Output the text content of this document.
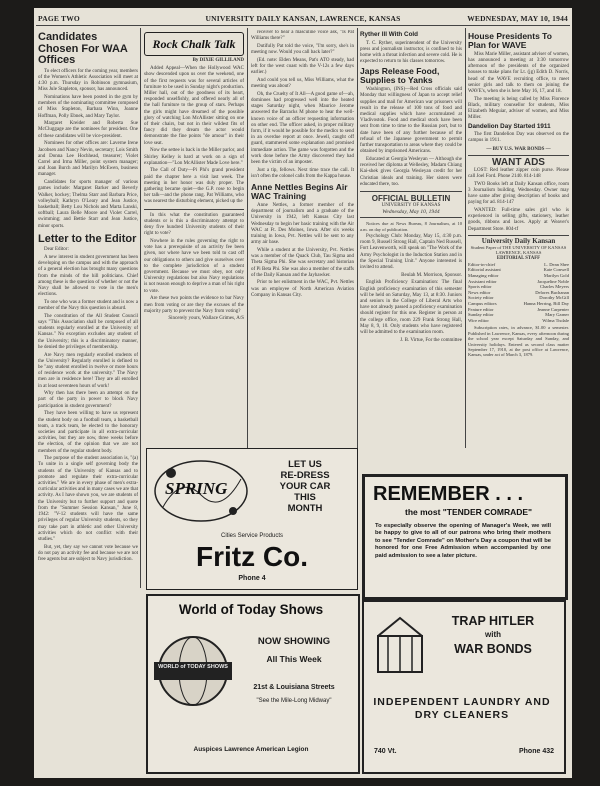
PAGE TWO	UNIVERSITY DAILY KANSAN, LAWRENCE, KANSAS	WEDNESDAY, MAY 10, 1944
Candidates Chosen For WAA Offices

To elect officers for the coming year, members of the Women's Athletic Association will meet at 4:30 p.m. Thursday in Robinson gymnasium, Miss Jule Stapleton, sponsor, has announced.

Nominations have been posted in the gym by members of the nominating committee composed of Miss Stapleton, Barbara Winn, Joanne Hoffman, Polly Ebnek, and Mary Taylor.

Margaret Kreider and Roberta Sue McCluggage are the nominees for president. One of these candidates will be vice-president.

Nominees for other offices are: Laverne Irene Jacobsen and Nancy Nevin, secretary; Lois Smith and Donna Lee Hochhead, treasurer; Violet Carrel and Irma Miller, point system manager; and Joan Burch and Marilyn McEwen, business manager.

Candidates for sports manager of various games include: Margaret Barker and Beverly Walker, hockey; Thelma Starr and Barbara Price, volleyball; Kathryn O'Leary and Jean Justice, basketball; Betty Lou Nichols and Marta Lanski, softball; Laura Belle Moore and Violet Carrel, swimming; and Bettie Starr and Jean Justice, minor sports.

Letter to the Editor

Dear Editor:

A new interest in student government has been developing on the campus and with the approach of a general election has brought many questions from the minds of the hill politicians. Chief among these is the question of whether or not the Navy shall be allowed to vote in the men's elections.

To one who was a former student and is now a member of the Navy this question is absurd.

The constitution of the All Student Council says "This Association shall be composed of all students regularly enrolled at the University of Kansas." No exception excludes any student of the University; this is a discriminatory manner, he denied the privileges of membership.

Are Navy men regularly enrolled students of the University? Regularly enrolled is defined to be "any student enrolled in twelve or more hours of residence work at the university." The Navy men are in residence here! They are all enrolled in at least seventeen hours of work!

Why then has there been an attempt on the part of the party in power to block Navy participation in student government?

They have been willing to have us represent the student body on a football team, a basketball team, a track team, be elected to the honorary societies and participate in all extra-curricular activities, but they are now, three weeks before the election, of the opinion that we are not members of the regular student body.

The purpose of the student association is, "(a) To unite in a single self governing body the students of the University of Kansas and to promote and regulate their extra-curricular activities." We are in every phase of men's extra-curricular activities and in many cases we are that activity. As I have shown you, we are students of the University but to further support and quote from the "Summer Session Kansan," June 8, 1942: "V-12 students will have the same privileges of regular University students, so they may take part in athletic and other University activities which do not conflict with their studies."

But, yet, they say we cannot vote because we do not pay an activity fee and because we are not free agents but are subject to Navy jurisdiction.

Rock Chalk Talk
By DIXIE GILLILAND

Added Appeal—When the Hollywood WAC show descended upon us over the weekend, one of the first requests was for several articles of furniture to be used in Sunday night's production. Miller hall, out of the goodness of its heart, responded unselfishly, and offered nearly all of the hall furniture to the group of stars. Perhaps the girls might have dreamed of the possible glory of watching Lon McAllister sitting on one of their chairs, but not in their wildest fits of fancy did they dream the actor would demonstrate the fine points "de amour" in their love seat.

Now the settee is back in the Miller parlor, and Shirley Kelley is hard at work on a sign of explanation—"Lon McAllister Made Love here."

The Call of Duty—Pi Phi's grand president paid the chapter here a visit last week. The meeting in her honor was duly proper. The gathering became quiet—the G.P. rose to begin her talk—and the phone rang. Pat Williams, who was nearest the disturbing element, picked up the

In this what the constitution guaranteed students or is this a discriminatory attempt to deny five hundred University students of their right to vote?

Nowhere in the rules governing the right to vote has a prerequisite of an activity fee been given, nor where have we been told to cast off our obligations to others and give ourselves over to the complete jurisdiction of a student government. Because we must obey, not only University regulations but also Navy regulations is not reason enough to deprive a man of his right to vote.

Are these two points the evidence to bar Navy men from voting or are they the excuses of the majority party to prevent the Navy from voting?

Sincerely yours, Wallace Grimes, A/S

receiver to hear a masculine voice ask, "Is Pat Williams there?"

Dutifully Pat told the voice, "I'm sorry, she's in meeting now. Would you call back later?"

(Ed. note: Elden Means, Pat's ATO steady, had left for the west coast with the V-12s a few days earlier.)

And could you tell us, Miss Williams, what the meeting was about?

Oh, the Cruelty of It All—A good game of—ah, dominoes had progressed well into the heated stages Saturday night, when Maurice Jerome answered the Barracks M phone to hear the well-known voice of an officer requesting information on other end. The officer asked, in proper military form, if it would be possible for the medics to send in an overdue report at once. Jewell, caught off guard, stammered some explanation and promised immediate action. The game was forgotten and the work done before the Army discovered they had been the victim of an imposter.

Just a tip, fellows. Next time trace the call. It isn't often the colonel calls from the Kappa house.

Anne Nettles Begins Air WAC Training

Anne Nettles, a former member of the department of journalism and a graduate of the University in 1942, left Kansas City last Wednesday to begin her basic training with the Air WAC at Ft. Des Moines, Iowa. After six weeks training in Iowa, Pvt. Nettles will be sent to any army air base.

While a student at the University, Pvt. Nettles was a member of the Quack Club, Tau Sigma and Theta Sigma Phi. She was secretary and historian of Pi Beta Phi. She was also a member of the staffs of the Daily Kansan and the Jayhawker.

Prior to her enlistment in the WAC, Pvt. Nettles was an employee of North American Aviation Company in Kansas City.

Ryther Ill With Cold

T. C. Ryther, superintendent of the University press and journalism instructor, is confined to his home with a throat infection and severe cold. He is expected to return to his classes tomorrow.

Japs Release Food, Supplies to Yanks

Washington, (INS)—Red Cross officials said Monday that willingness of Japan to accept relief supplies and mail for American war prisoners will result in the release of 100 tons of food and medical supplies which have accumulated at Vladivostok. Food and medical stock have been sent from time to time to the Russian port, but to date have been of any further because of the refusal of the Japanese government to permit further transportation to areas where they could be obtained by imprisoned Americans.

Educated at Georgia Wesleyan — Although she received her diploma at Wellesley, Madam Chiang Kai-shek gives Georgia Wesleyan credit for her Christian ideals and training. Her sisters were educated there, too.

OFFICIAL BULLETIN
UNIVERSITY OF KANSAS
Wednesday, May 10, 1944

Notices due at News Bureau, 8 Journalism, at 10 a.m. on day of publication.

Psychology Club: Monday, May 15, 4:30 p.m. room 9, Russell Strong Hall, Captain Ned Russell, Fort Leavenworth, will speak on "The Work of the Army Psychologist in the Induction Station and in the Special Training Unit." Anyone interested is invited to attend.

Beulah M. Morrison, Sponsor.

English Proficiency Examination: The final English proficiency examination of this semester will be held on Saturday, May 13, at 8:30. Juniors and seniors in the College of Liberal Arts who have not already passed a proficiency examination should register for this one. Register in person at the college office, room 229 Frank Strong Hall, May 8, 9, 10. Only students who have registered will be admitted to the examination room.

J. B. Virtue, For the committee

House Presidents To Plan for WAVE

Miss Marie Miller, assistant adviser of women, has announced a meeting at 3:30 tomorrow afternoon of the presidents of the organized houses to make plans for Lt. (jg) Edith D. Norris, head of the WAVE recruiting office, to meet senior girls and talk to them on joining the WAVE's, when she is here May 16, 17, and 18.

The meeting is being called by Miss Florence Black, military counsellor for students, Miss Elizabeth Meguiar, adviser of women, and Miss Miller.

Dandelion Day Started 1911

The first Dandelion Day was observed on the campus in 1911.

— BUY U.S. WAR BONDS —
WANT ADS

LOST: Red leather zipper coin purse. Please call Joel Ford. Phone 2140. 814-148

TWO Books left at Daily Kansan office, room 3 Journalism building, Wednesday. Owner may have same after giving description of books and paying for ad. 814-147

WANTED: Full-time sales girl who is experienced in selling gifts, stationery, leather goods, ribbons and laces. Apply at Weaver's Department Store. 804-tf

University Daily Kansan
Student Paper of THE UNIVERSITY OF KANSAS
LAWRENCE, KANSAS
EDITORIAL STAFF
Editor-in-chief	L. Dean Shee
Editorial assistant	Kate Conwell
Managing editor	Marilyn Gold
Assistant editor	Jacqueline Noble
Sports editor	Charles Meyers
News editor	Delores Buchanan
Society editor	Dorothy McGill
Campus editors	Hanna Herring, Bill Day
Feature editor	Jeanne Carpenter
Sunday editor	Mary Garner
Wire editor	Wilma Tisdale

Subscription rates, in advance, $1.00 a semester. Published in Lawrence, Kansas, every afternoon during the school year except Saturday and Sunday, and University holidays. Entered as second class matter September 17, 1910, at the post office at Lawrence, Kansas, under act of March 3, 1879.

SPRING
LET US
RE-DRESS
YOUR CAR
THIS
MONTH
Cities Service Products
Fritz Co.
Phone 4
World of Today Shows
WORLD of TODAY SHOWS
NOW SHOWING
All This Week
21st & Louisiana Streets
"See the Mile-Long Midway"
Auspices Lawrence American Legion
REMEMBER . . .
the most "TENDER COMRADE"
To especially observe the opening of Manager's Week, we will be happy to give to all of our patrons who bring their mothers to see "Tender Comrade" on Mother's Day a coupon that will be honored for one Free Admission when accompanied by one paid admission to see a later picture.
TRAP HITLER
with
WAR BONDS
INDEPENDENT LAUNDRY AND DRY CLEANERS
740 Vt.	Phone 432
